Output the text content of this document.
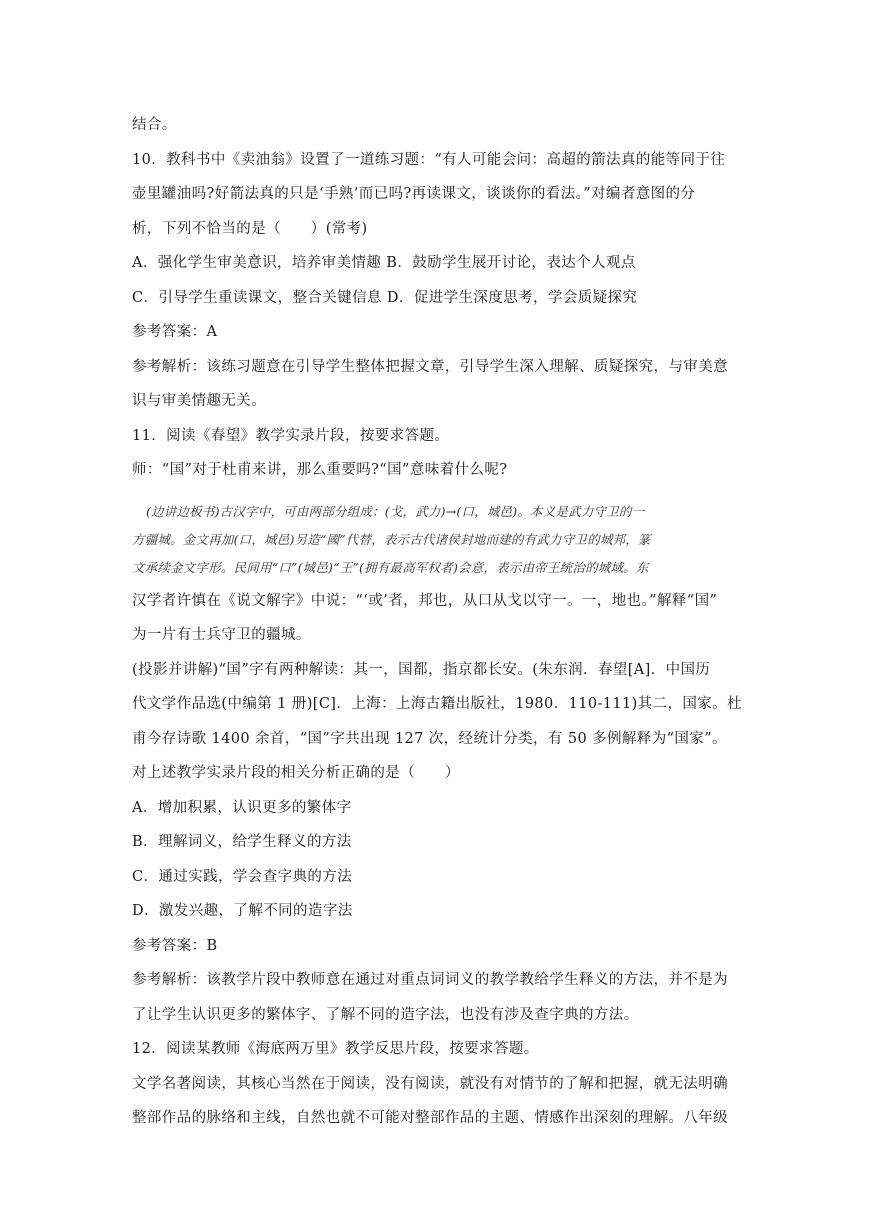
结合。
10．教科书中《卖油翁》设置了一道练习题：“有人可能会问：高超的箭法真的能等同于往
壶里罐油吗?好箭法真的只是‘手熟’而已吗?再读课文，谈谈你的看法。”对编者意图的分
析，下列不恰当的是（　　）(常考)
A．强化学生审美意识，培养审美情趣 B．鼓励学生展开讨论，表达个人观点
C．引导学生重读课文，整合关键信息 D．促进学生深度思考，学会质疑探究
参考答案：A
参考解析：该练习题意在引导学生整体把握文章，引导学生深入理解、质疑探究，与审美意
识与审美情趣无关。
11．阅读《春望》教学实录片段，按要求答题。
师：“国”对于杜甫来讲，那么重要吗?“国”意味着什么呢?
(边讲边板书)古汉字中，可由两部分组成：(戈，武力)→(口，城邑)。本义是武力守卫的一
方疆城。金文再加(口，城邑)另造“國”代替，表示古代诸侯封地而建的有武力守卫的城邦，篆
文承续金文字形。民间用“口”(城邑)“王”(拥有最高军权者)会意，表示由帝王统治的城域。东
汉学者许慎在《说文解字》中说：“‘或’者，邦也，从口从戈以守一。一，地也。”解释“国”
为一片有士兵守卫的疆城。
(投影并讲解)“国”字有两种解读：其一，国都，指京都长安。(朱东润．春望[A]．中国历
代文学作品选(中编第 1 册)[C]．上海：上海古籍出版社，1980．110-111)其二，国家。杜
甫今存诗歌 1400 余首，“国”字共出现 127 次，经统计分类，有 50 多例解释为“国家”。
对上述教学实录片段的相关分析正确的是（　　）
A．增加积累，认识更多的繁体字
B．理解词义，给学生释义的方法
C．通过实践，学会查字典的方法
D．激发兴趣，了解不同的造字法
参考答案：B
参考解析：该教学片段中教师意在通过对重点词词义的教学教给学生释义的方法，并不是为
了让学生认识更多的繁体字、了解不同的造字法，也没有涉及查字典的方法。
12．阅读某教师《海底两万里》教学反思片段，按要求答题。
文学名著阅读，其核心当然在于阅读，没有阅读，就没有对情节的了解和把握，就无法明确
整部作品的脉络和主线，自然也就不可能对整部作品的主题、情感作出深刻的理解。八年级
